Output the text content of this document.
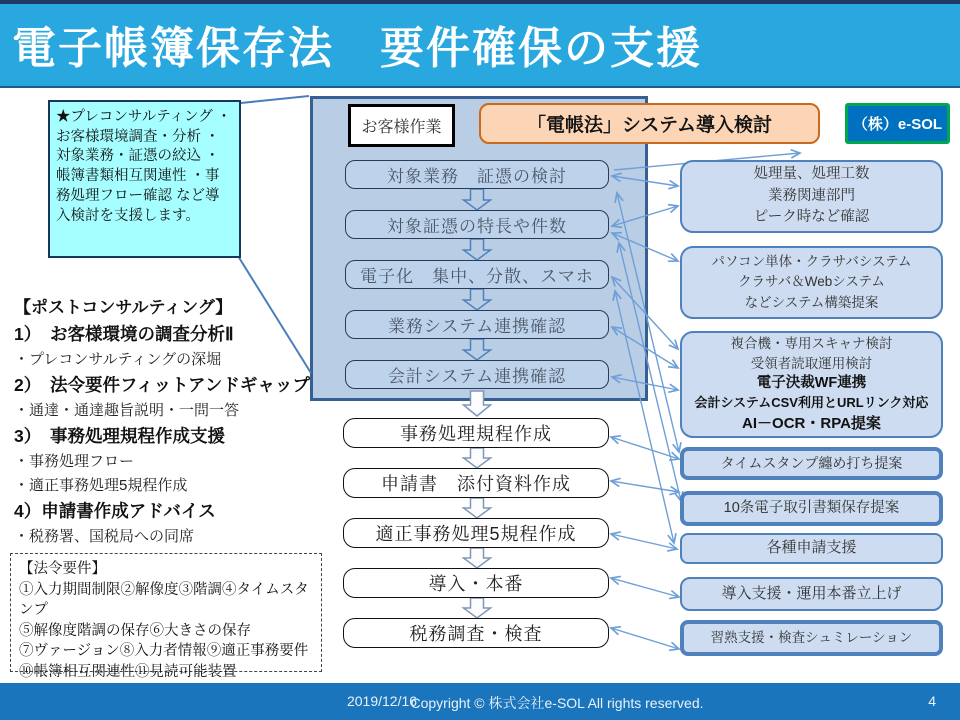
電子帳簿保存法　要件確保の支援
★プレコンサルティング ・お客様環境調査・分析 ・対象業務・証憑の絞込 ・帳簿書類相互関連性 ・事務処理フロー確認 など導入検討を支援します。
お客様作業	「電帳法」システム導入検討	（株）e-SOL
対象業務　証憑の検討
対象証憑の特長や件数
電子化　集中、分散、スマホ
業務システム連携確認
会計システム連携確認
事務処理規程作成
申請書　添付資料作成
適正事務処理5規程作成
導入・本番
税務調査・検査
処理量、処理工数
業務関連部門
ピーク時など確認
パソコン単体・クラサバシステム
クラサバ＆Webシステム
などシステム構築提案
複合機・専用スキャナ検討
受領者読取運用検討
電子決裁WF連携
会計システムCSV利用とURLリンク対応
AI－OCR・RPA提案
タイムスタンプ纏め打ち提案
10条電子取引書類保存提案
各種申請支援
導入支援・運用本番立上げ
習熟支援・検査シュミレーション
【ポストコンサルティング】
1）　お客様環境の調査分析Ⅱ
・プレコンサルティングの深堀
2）　法令要件フィットアンドギャップ
・通達・通達趣旨説明・一問一答
3）　事務処理規程作成支援
・事務処理フロー
・適正事務処理5規程作成
4）申請書作成アドバイス
・税務署、国税局への同席
【法令要件】
①入力期間制限②解像度③階調④タイムスタンプ
⑤解像度階調の保存⑥大きさの保存
⑦ヴァージョン⑧入力者情報⑨適正事務要件
⑩帳簿相互関連性⑪見読可能装置
2019/12/16
Copyright © 株式会社e-SOL All rights reserved.	4
